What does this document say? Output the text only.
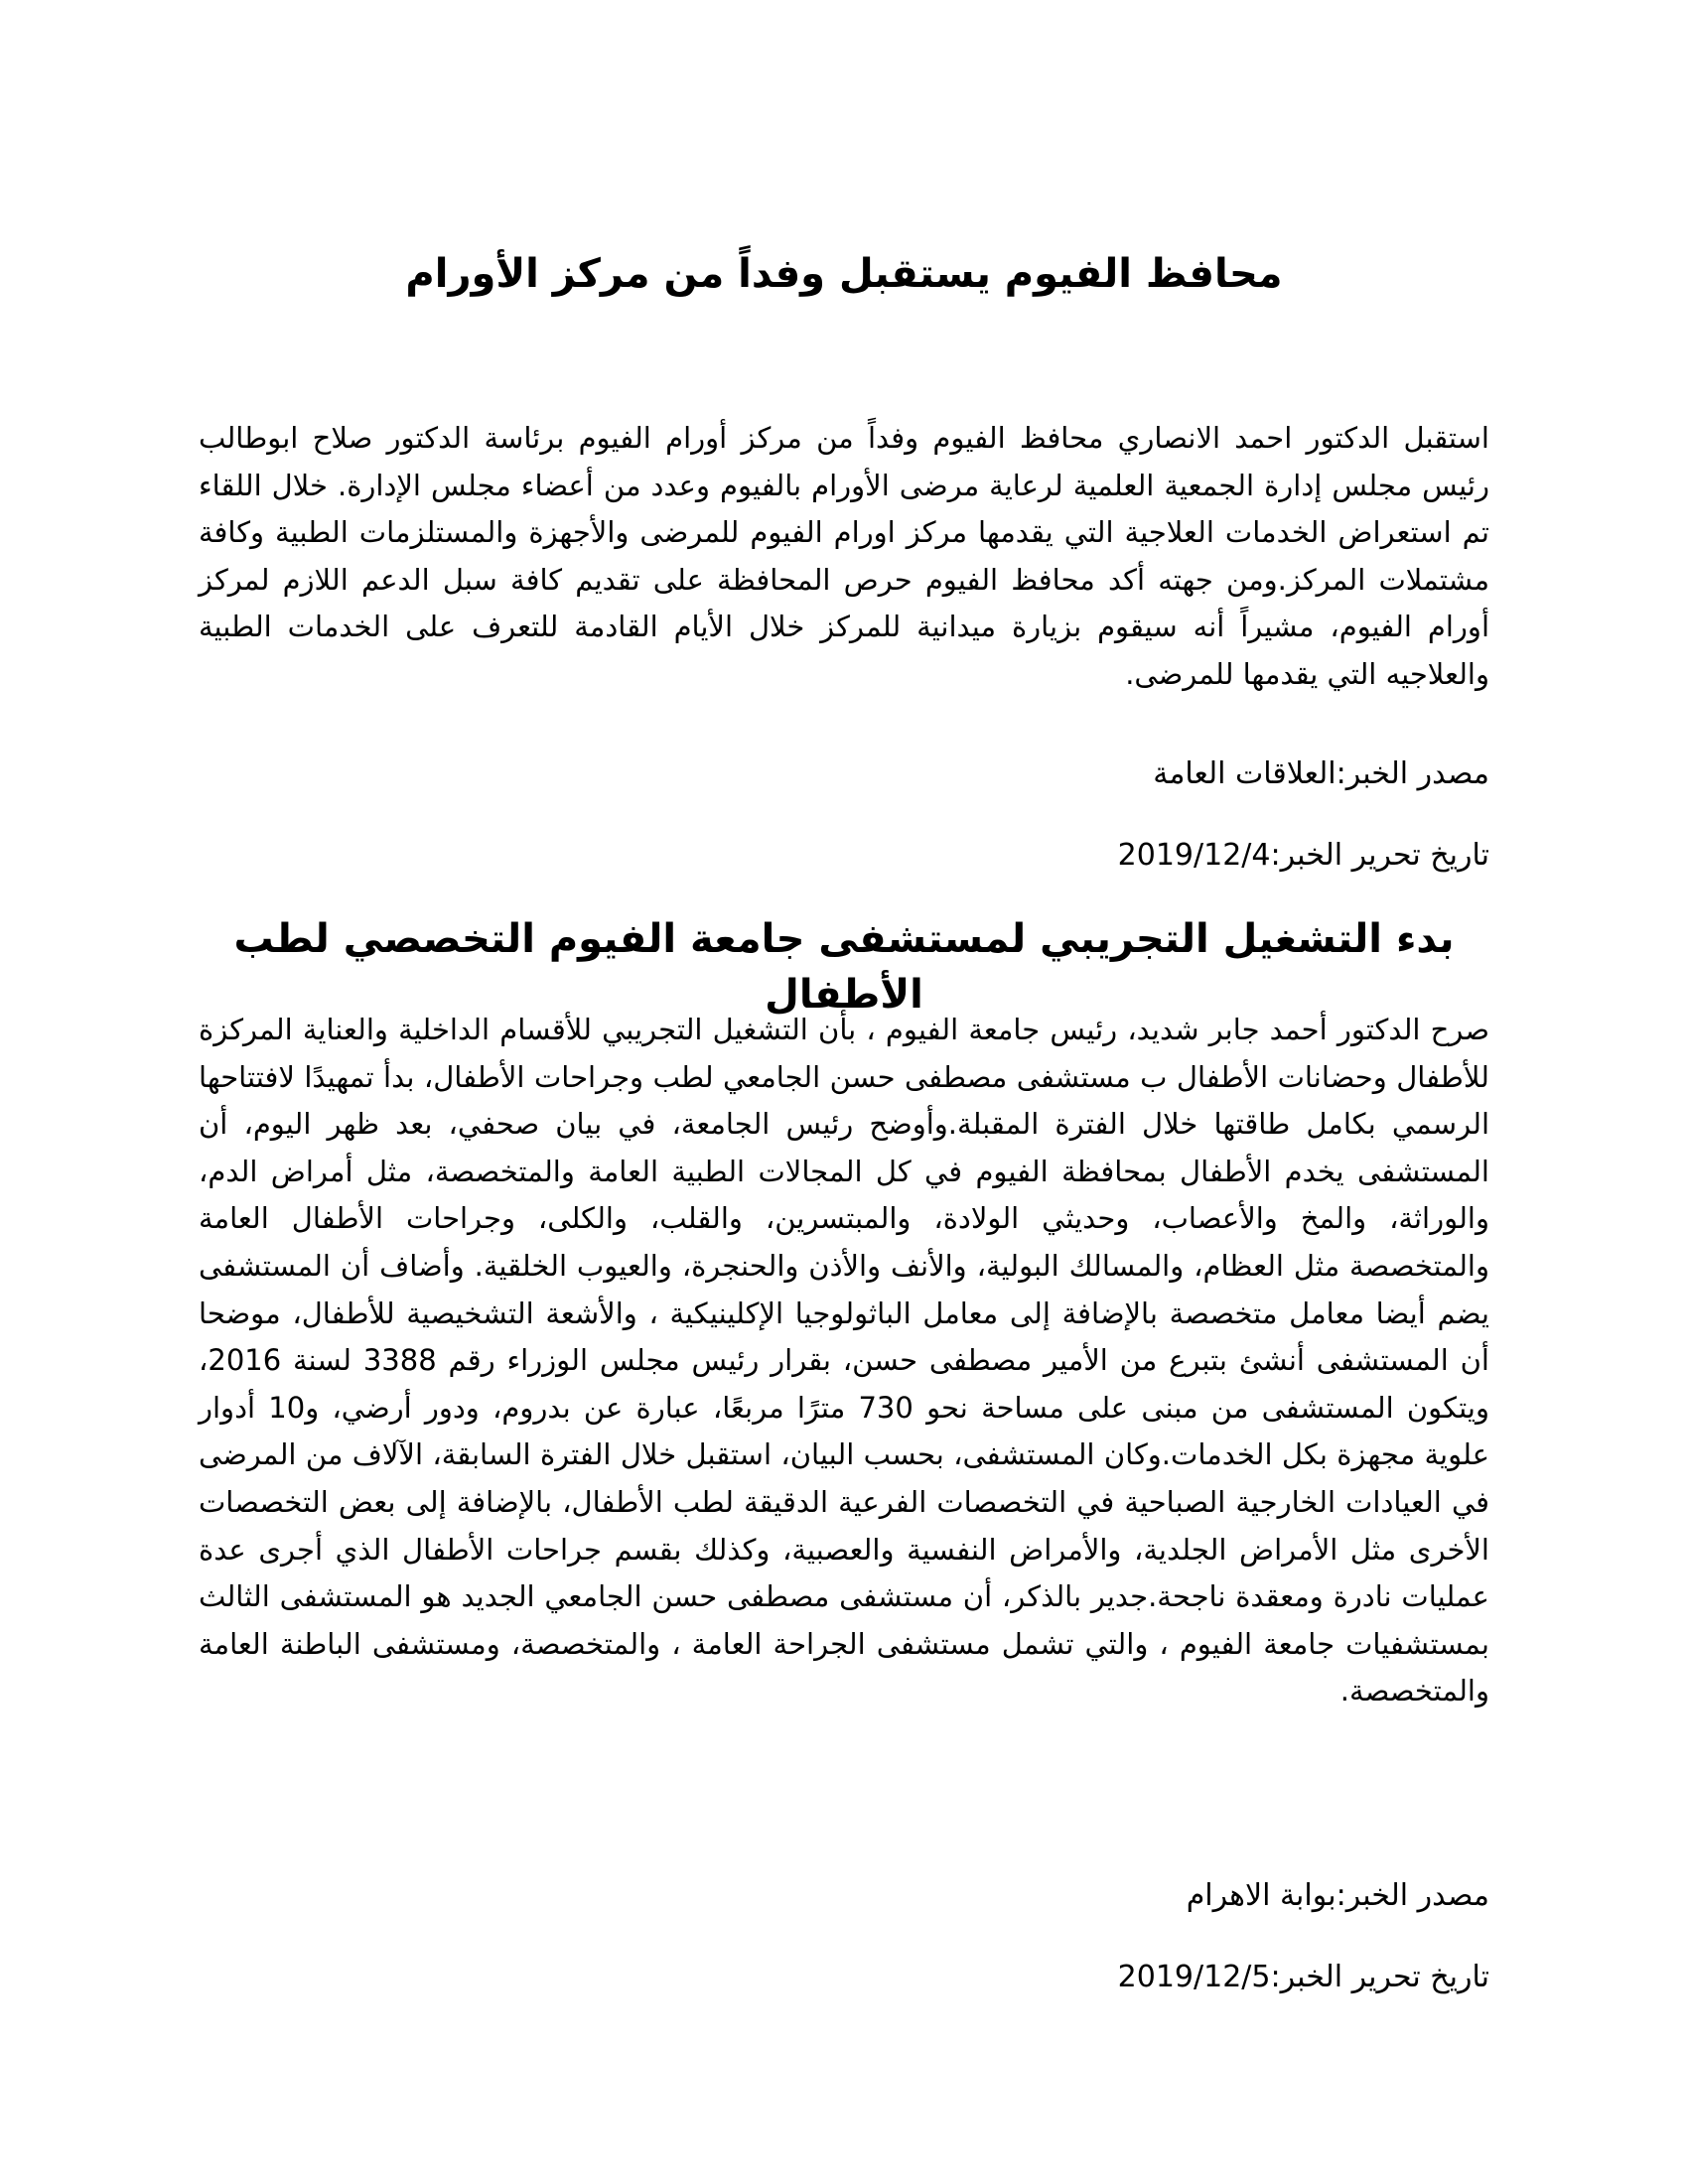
محافظ الفيوم يستقبل وفداً من مركز الأورام

استقبل الدكتور احمد الانصاري محافظ الفيوم وفداً من مركز أورام الفيوم برئاسة الدكتور صلاح ابوطالب رئيس مجلس إدارة الجمعية العلمية لرعاية مرضى الأورام بالفيوم وعدد من أعضاء مجلس الإدارة. خلال اللقاء تم استعراض الخدمات العلاجية التي يقدمها مركز اورام الفيوم للمرضى والأجهزة والمستلزمات الطبية وكافة مشتملات المركز.ومن جهته أكد محافظ الفيوم حرص المحافظة على تقديم كافة سبل الدعم اللازم لمركز أورام الفيوم، مشيراً أنه سيقوم بزيارة ميدانية للمركز خلال الأيام القادمة للتعرف على الخدمات الطبية والعلاجيه التي يقدمها للمرضى.

مصدر الخبر:العلاقات العامة

تاريخ تحرير الخبر:2019/12/4

بدء التشغيل التجريبي لمستشفى جامعة الفيوم التخصصي لطب الأطفال

صرح الدكتور أحمد جابر شديد، رئيس جامعة الفيوم ، بأن التشغيل التجريبي للأقسام الداخلية والعناية المركزة للأطفال وحضانات الأطفال ب مستشفى مصطفى حسن الجامعي لطب وجراحات الأطفال، بدأ تمهيدًا لافتتاحها الرسمي بكامل طاقتها خلال الفترة المقبلة.وأوضح رئيس الجامعة، في بيان صحفي، بعد ظهر اليوم، أن المستشفى يخدم الأطفال بمحافظة الفيوم في كل المجالات الطبية العامة والمتخصصة، مثل أمراض الدم، والوراثة، والمخ والأعصاب، وحديثي الولادة، والمبتسرين، والقلب، والكلى، وجراحات الأطفال العامة والمتخصصة مثل العظام، والمسالك البولية، والأنف والأذن والحنجرة، والعيوب الخلقية. وأضاف أن المستشفى يضم أيضا معامل متخصصة بالإضافة إلى معامل الباثولوجيا الإكلينيكية ، والأشعة التشخيصية للأطفال، موضحا أن المستشفى أنشئ بتبرع من الأمير مصطفى حسن، بقرار رئيس مجلس الوزراء رقم 3388 لسنة 2016، ويتكون المستشفى من مبنى على مساحة نحو 730 مترًا مربعًا، عبارة عن بدروم، ودور أرضي، و10 أدوار علوية مجهزة بكل الخدمات.وكان المستشفى، بحسب البيان، استقبل خلال الفترة السابقة، الآلاف من المرضى في العيادات الخارجية الصباحية في التخصصات الفرعية الدقيقة لطب الأطفال، بالإضافة إلى بعض التخصصات الأخرى مثل الأمراض الجلدية، والأمراض النفسية والعصبية، وكذلك بقسم جراحات الأطفال الذي أجرى عدة عمليات نادرة ومعقدة ناجحة.جدير بالذكر، أن مستشفى مصطفى حسن الجامعي الجديد هو المستشفى الثالث بمستشفيات جامعة الفيوم ، والتي تشمل مستشفى الجراحة العامة ، والمتخصصة، ومستشفى الباطنة العامة والمتخصصة.

مصدر الخبر:بوابة الاهرام

تاريخ تحرير الخبر:2019/12/5
